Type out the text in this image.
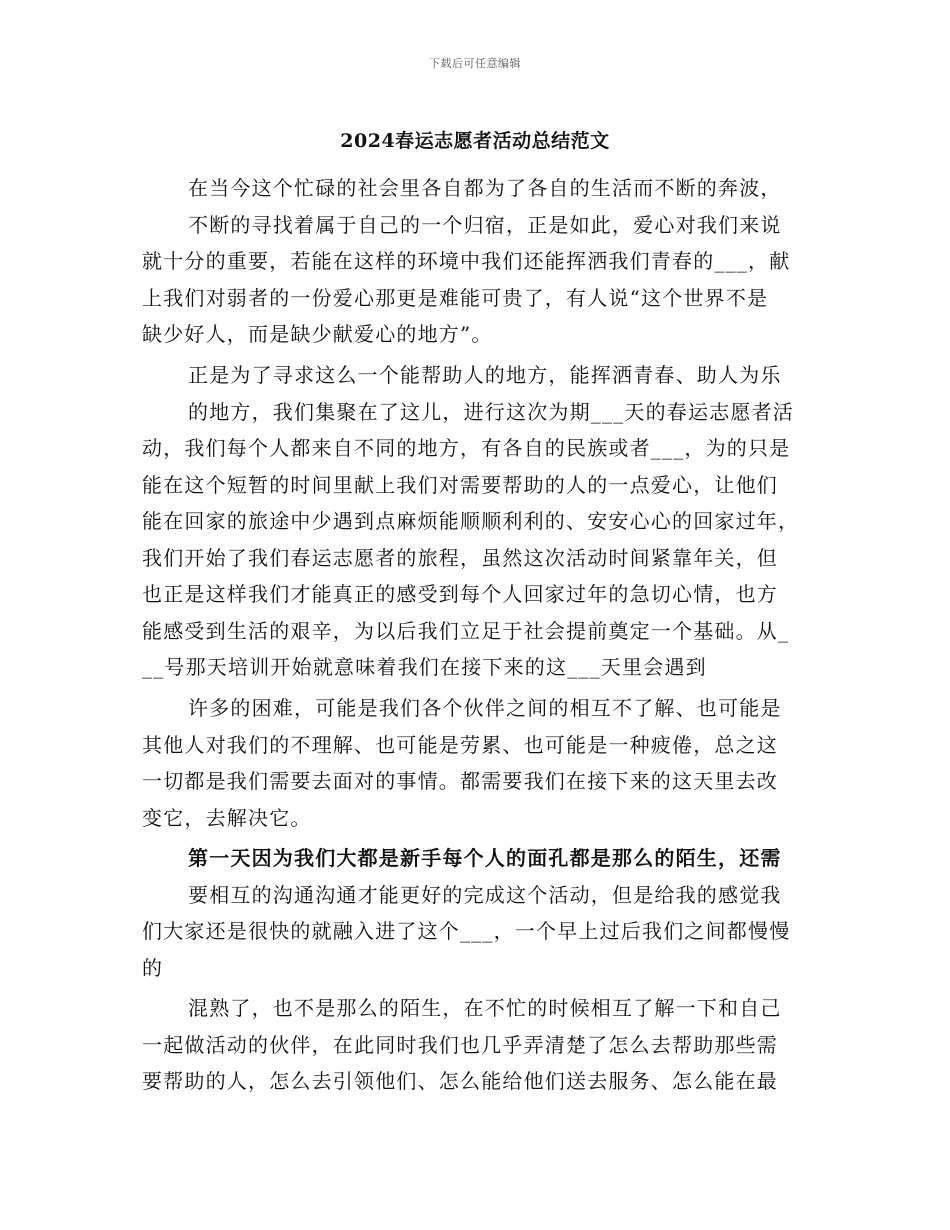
下载后可任意编辑
2024春运志愿者活动总结范文
在当今这个忙碌的社会里各自都为了各自的生活而不断的奔波，
不断的寻找着属于自己的一个归宿，正是如此，爱心对我们来说
就十分的重要，若能在这样的环境中我们还能挥洒我们青春的___，献
上我们对弱者的一份爱心那更是难能可贵了，有人说“这个世界不是
缺少好人，而是缺少献爱心的地方”。
正是为了寻求这么一个能帮助人的地方，能挥洒青春、助人为乐
的地方，我们集聚在了这儿，进行这次为期___天的春运志愿者活
动，我们每个人都来自不同的地方，有各自的民族或者___，为的只是
能在这个短暂的时间里献上我们对需要帮助的人的一点爱心，让他们
能在回家的旅途中少遇到点麻烦能顺顺利利的、安安心心的回家过年，
我们开始了我们春运志愿者的旅程，虽然这次活动时间紧靠年关，但
也正是这样我们才能真正的感受到每个人回家过年的急切心情，也方
能感受到生活的艰辛，为以后我们立足于社会提前奠定一个基础。从_
__号那天培训开始就意味着我们在接下来的这___天里会遇到
许多的困难，可能是我们各个伙伴之间的相互不了解、也可能是
其他人对我们的不理解、也可能是劳累、也可能是一种疲倦，总之这
一切都是我们需要去面对的事情。都需要我们在接下来的这天里去改
变它，去解决它。
第一天因为我们大都是新手每个人的面孔都是那么的陌生，还需
要相互的沟通沟通才能更好的完成这个活动，但是给我的感觉我
们大家还是很快的就融入进了这个___，一个早上过后我们之间都慢慢
的
混熟了，也不是那么的陌生，在不忙的时候相互了解一下和自己
一起做活动的伙伴，在此同时我们也几乎弄清楚了怎么去帮助那些需
要帮助的人，怎么去引领他们、怎么能给他们送去服务、怎么能在最
